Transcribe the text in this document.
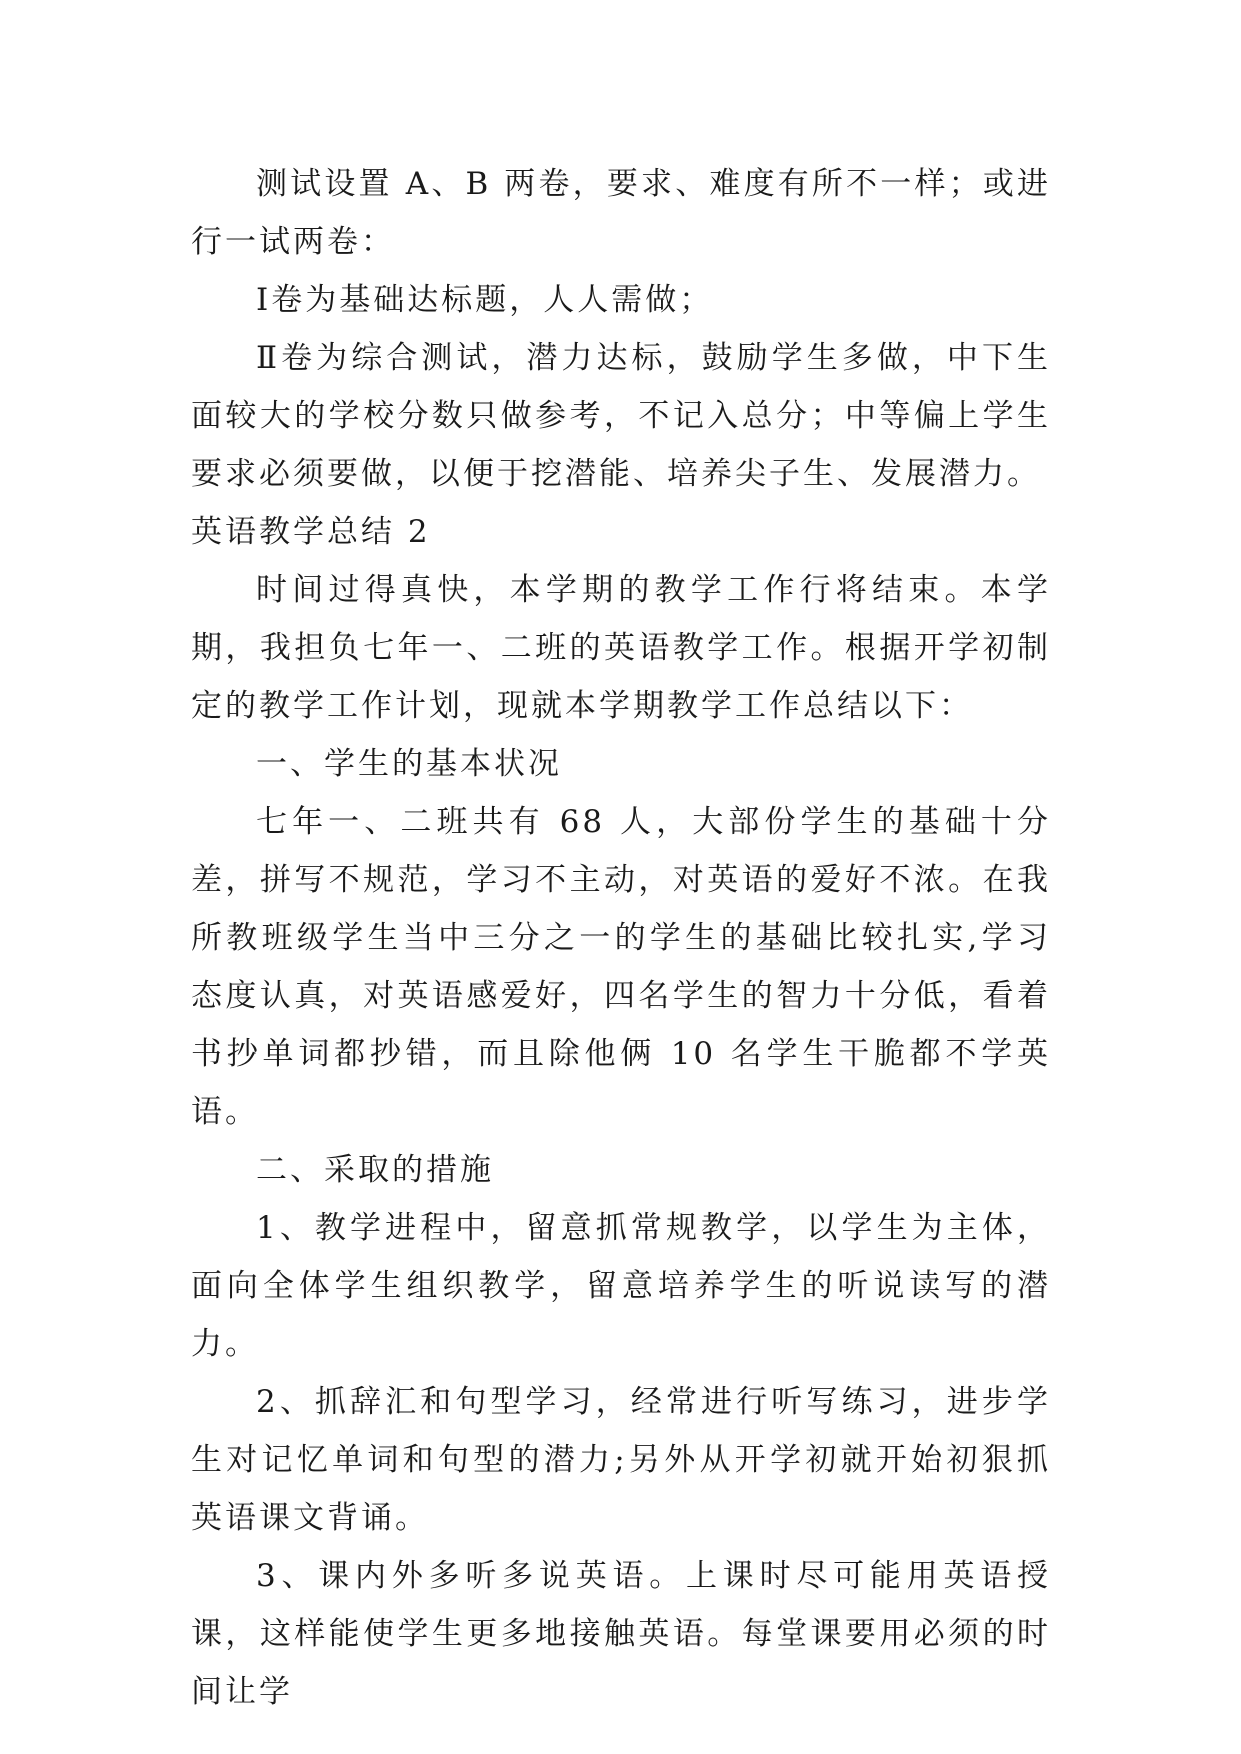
测试设置 A、B 两卷，要求、难度有所不一样；或进行一试两卷：

Ⅰ卷为基础达标题，人人需做；

Ⅱ卷为综合测试，潜力达标，鼓励学生多做，中下生面较大的学校分数只做参考，不记入总分；中等偏上学生要求必须要做，以便于挖潜能、培养尖子生、发展潜力。

英语教学总结 2

时间过得真快，本学期的教学工作行将结束。本学期，我担负七年一、二班的英语教学工作。根据开学初制定的教学工作计划，现就本学期教学工作总结以下：

一、学生的基本状况

七年一、二班共有 68 人，大部份学生的基础十分差，拼写不规范，学习不主动，对英语的爱好不浓。在我所教班级学生当中三分之一的学生的基础比较扎实,学习态度认真，对英语感爱好，四名学生的智力十分低，看着书抄单词都抄错，而且除他俩 10 名学生干脆都不学英语。

二、采取的措施

1、教学进程中，留意抓常规教学，以学生为主体，面向全体学生组织教学，留意培养学生的听说读写的潜力。

2、抓辞汇和句型学习，经常进行听写练习，进步学生对记忆单词和句型的潜力;另外从开学初就开始初狠抓英语课文背诵。

3、课内外多听多说英语。上课时尽可能用英语授课，这样能使学生更多地接触英语。每堂课要用必须的时间让学
